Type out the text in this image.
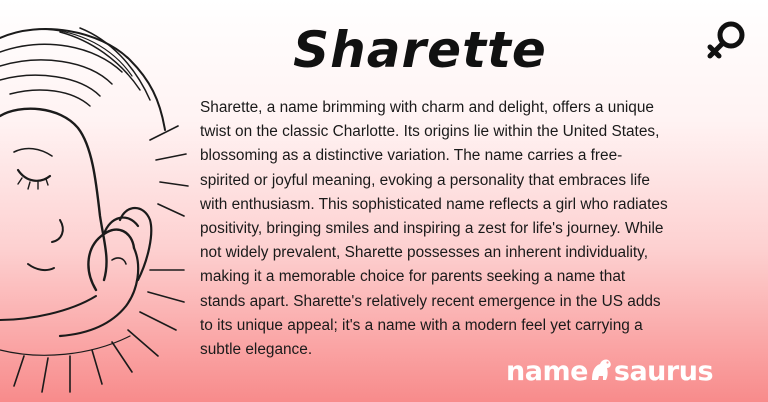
Sharette

Sharette, a name brimming with charm and delight, offers a unique twist on the classic Charlotte. Its origins lie within the United States, blossoming as a distinctive variation. The name carries a free-spirited or joyful meaning, evoking a personality that embraces life with enthusiasm. This sophisticated name reflects a girl who radiates positivity, bringing smiles and inspiring a zest for life's journey. While not widely prevalent, Sharette possesses an inherent individuality, making it a memorable choice for parents seeking a name that stands apart. Sharette's relatively recent emergence in the US adds to its unique appeal; it's a name with a modern feel yet carrying a subtle elegance.

name saurus
